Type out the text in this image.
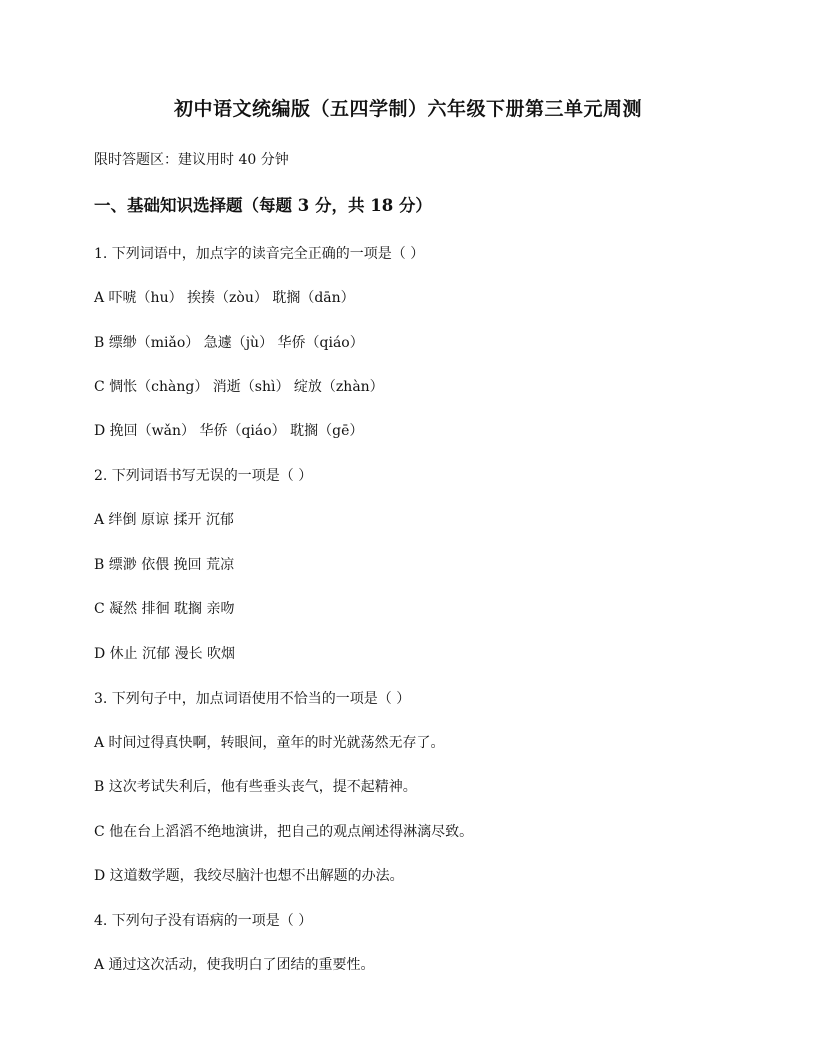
初中语文统编版（五四学制）六年级下册第三单元周测
限时答题区：建议用时 40 分钟
一、基础知识选择题（每题 3 分，共 18 分）
1. 下列词语中，加点字的读音完全正确的一项是（ ）
A 吓唬（hu） 挨揍（zòu） 耽搁（dān）
B 缥缈（miǎo） 急遽（jù） 华侨（qiáo）
C 惆怅（chàng） 消逝（shì） 绽放（zhàn）
D 挽回（wǎn） 华侨（qiáo） 耽搁（gē）
2. 下列词语书写无误的一项是（ ）
A 绊倒 原谅 揉开 沉郁
B 缥渺 依偎 挽回 荒凉
C 凝然 排徊 耽搁 亲吻
D 休止 沉郁 漫长 吹烟
3. 下列句子中，加点词语使用不恰当的一项是（ ）
A 时间过得真快啊，转眼间，童年的时光就荡然无存了。
B 这次考试失利后，他有些垂头丧气，提不起精神。
C 他在台上滔滔不绝地演讲，把自己的观点阐述得淋漓尽致。
D 这道数学题，我绞尽脑汁也想不出解题的办法。
4. 下列句子没有语病的一项是（ ）
A 通过这次活动，使我明白了团结的重要性。
